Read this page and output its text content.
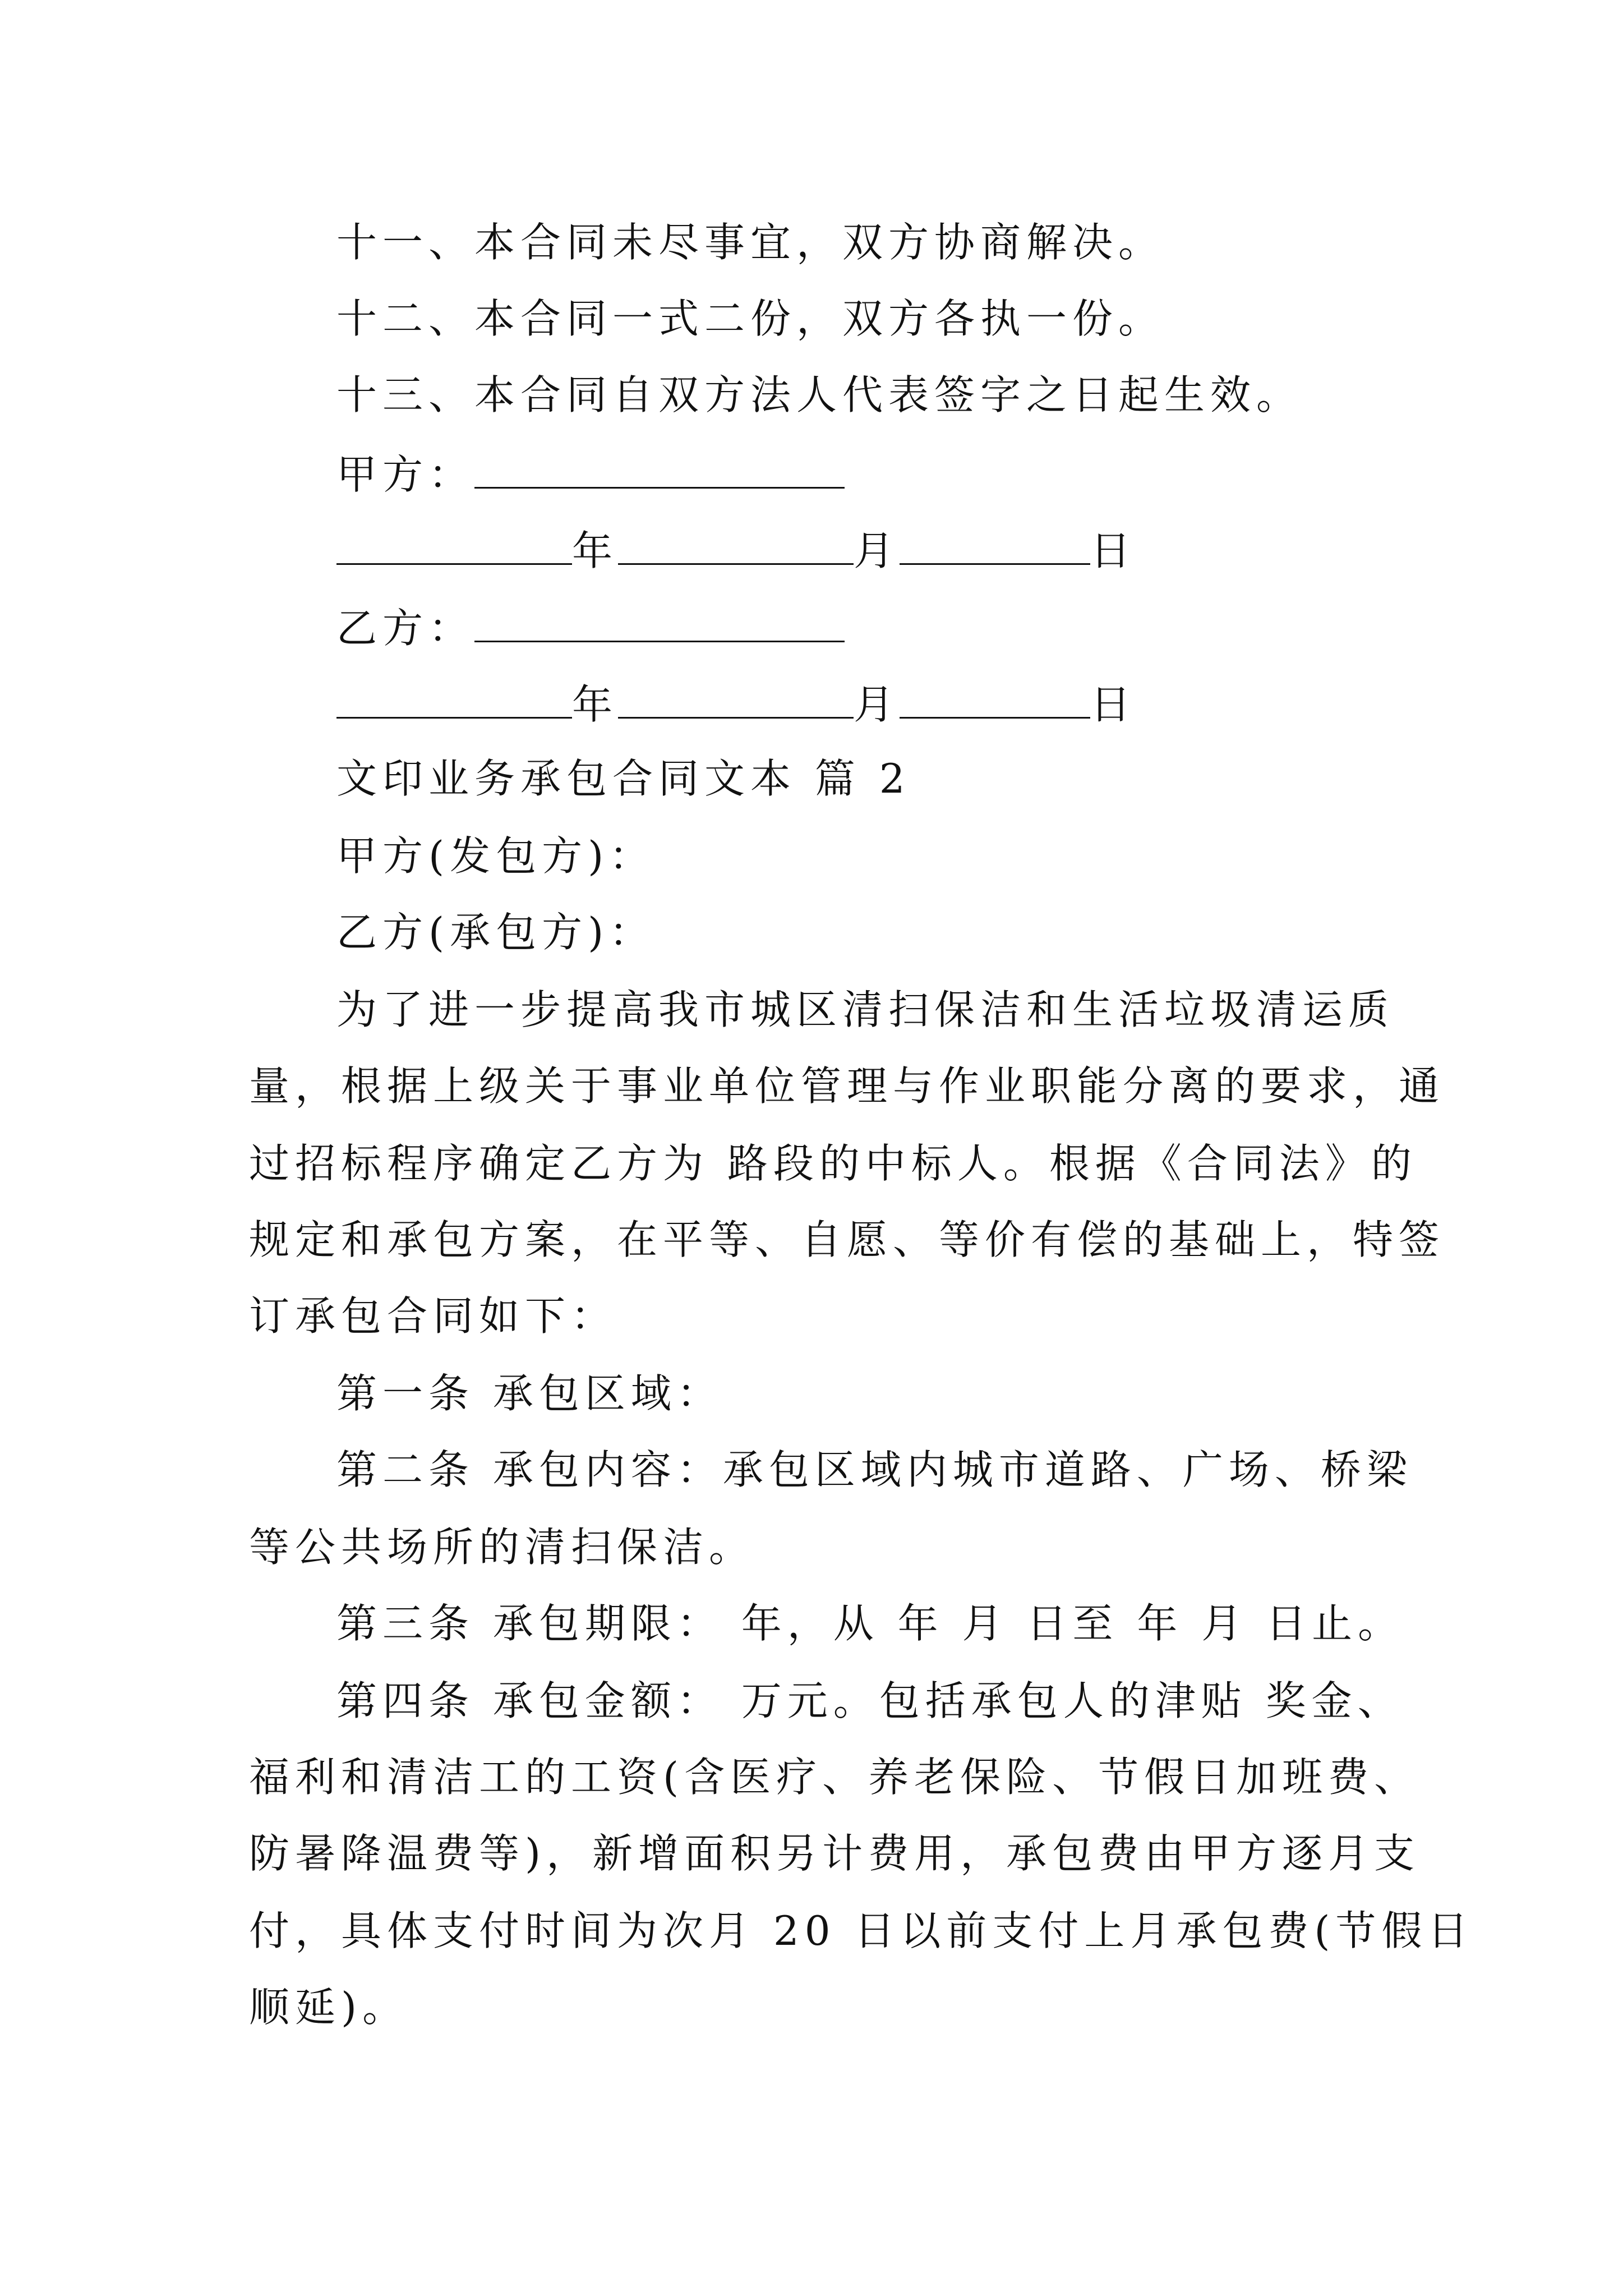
十一、本合同未尽事宜，双方协商解决。
十二、本合同一式二份，双方各执一份。
十三、本合同自双方法人代表签字之日起生效。
甲方：
年	月	日
乙方：
年	月	日
文印业务承包合同文本 篇 2
甲方(发包方)：
乙方(承包方)：
为了进一步提高我市城区清扫保洁和生活垃圾清运质
量，根据上级关于事业单位管理与作业职能分离的要求，通
过招标程序确定乙方为 路段的中标人。根据《合同法》的
规定和承包方案，在平等、自愿、等价有偿的基础上，特签
订承包合同如下：
第一条 承包区域：
第二条 承包内容：承包区域内城市道路、广场、桥梁
等公共场所的清扫保洁。
第三条 承包期限： 年，从 年 月 日至 年 月 日止。
第四条 承包金额： 万元。包括承包人的津贴 奖金、
福利和清洁工的工资(含医疗、养老保险、节假日加班费、
防暑降温费等)，新增面积另计费用，承包费由甲方逐月支
付，具体支付时间为次月 20 日以前支付上月承包费(节假日
顺延)。
